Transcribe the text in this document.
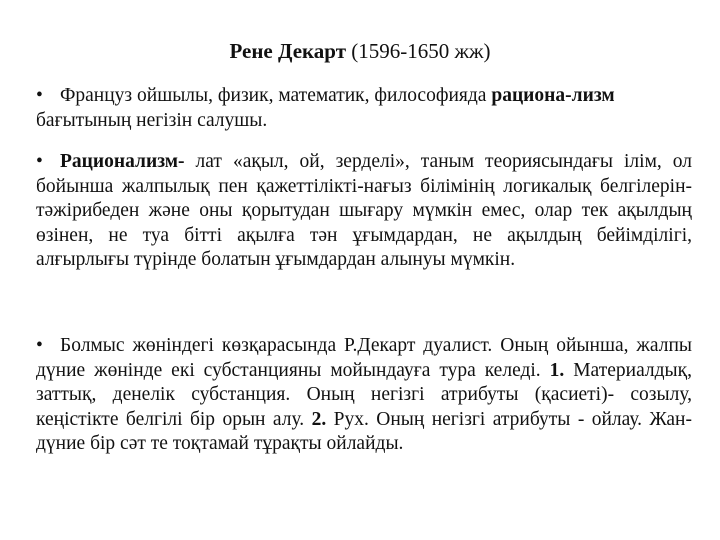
Рене Декарт (1596-1650 жж)

• Француз ойшылы, физик, математик, философияда рациона-лизм бағытының негізін салушы.

• Рационализм- лат «ақыл, ой, зерделі», таным теориясындағы ілім, ол бойынша жалпылық пен қажеттілікті-нағыз білімінің логикалық белгілерін-тәжірибеден және оны қорытудан шығару мүмкін емес, олар тек ақылдың өзінен, не туа бітті ақылға тән ұғымдардан, не ақылдың бейімділігі, алғырлығы түрінде болатын ұғымдардан алынуы мүмкін.

• Болмыс жөніндегі көзқарасында Р.Декарт дуалист. Оның ойынша, жалпы дүние жөнінде екі субстанцияны мойындауға тура келеді. 1. Материалдық, заттық, денелік субстанция. Оның негізгі атрибуты (қасиеті)- созылу, кеңістікте белгілі бір орын алу. 2. Рух. Оның негізгі атрибуты - ойлау. Жан-дүние бір сәт те тоқтамай тұрақты ойлайды.
